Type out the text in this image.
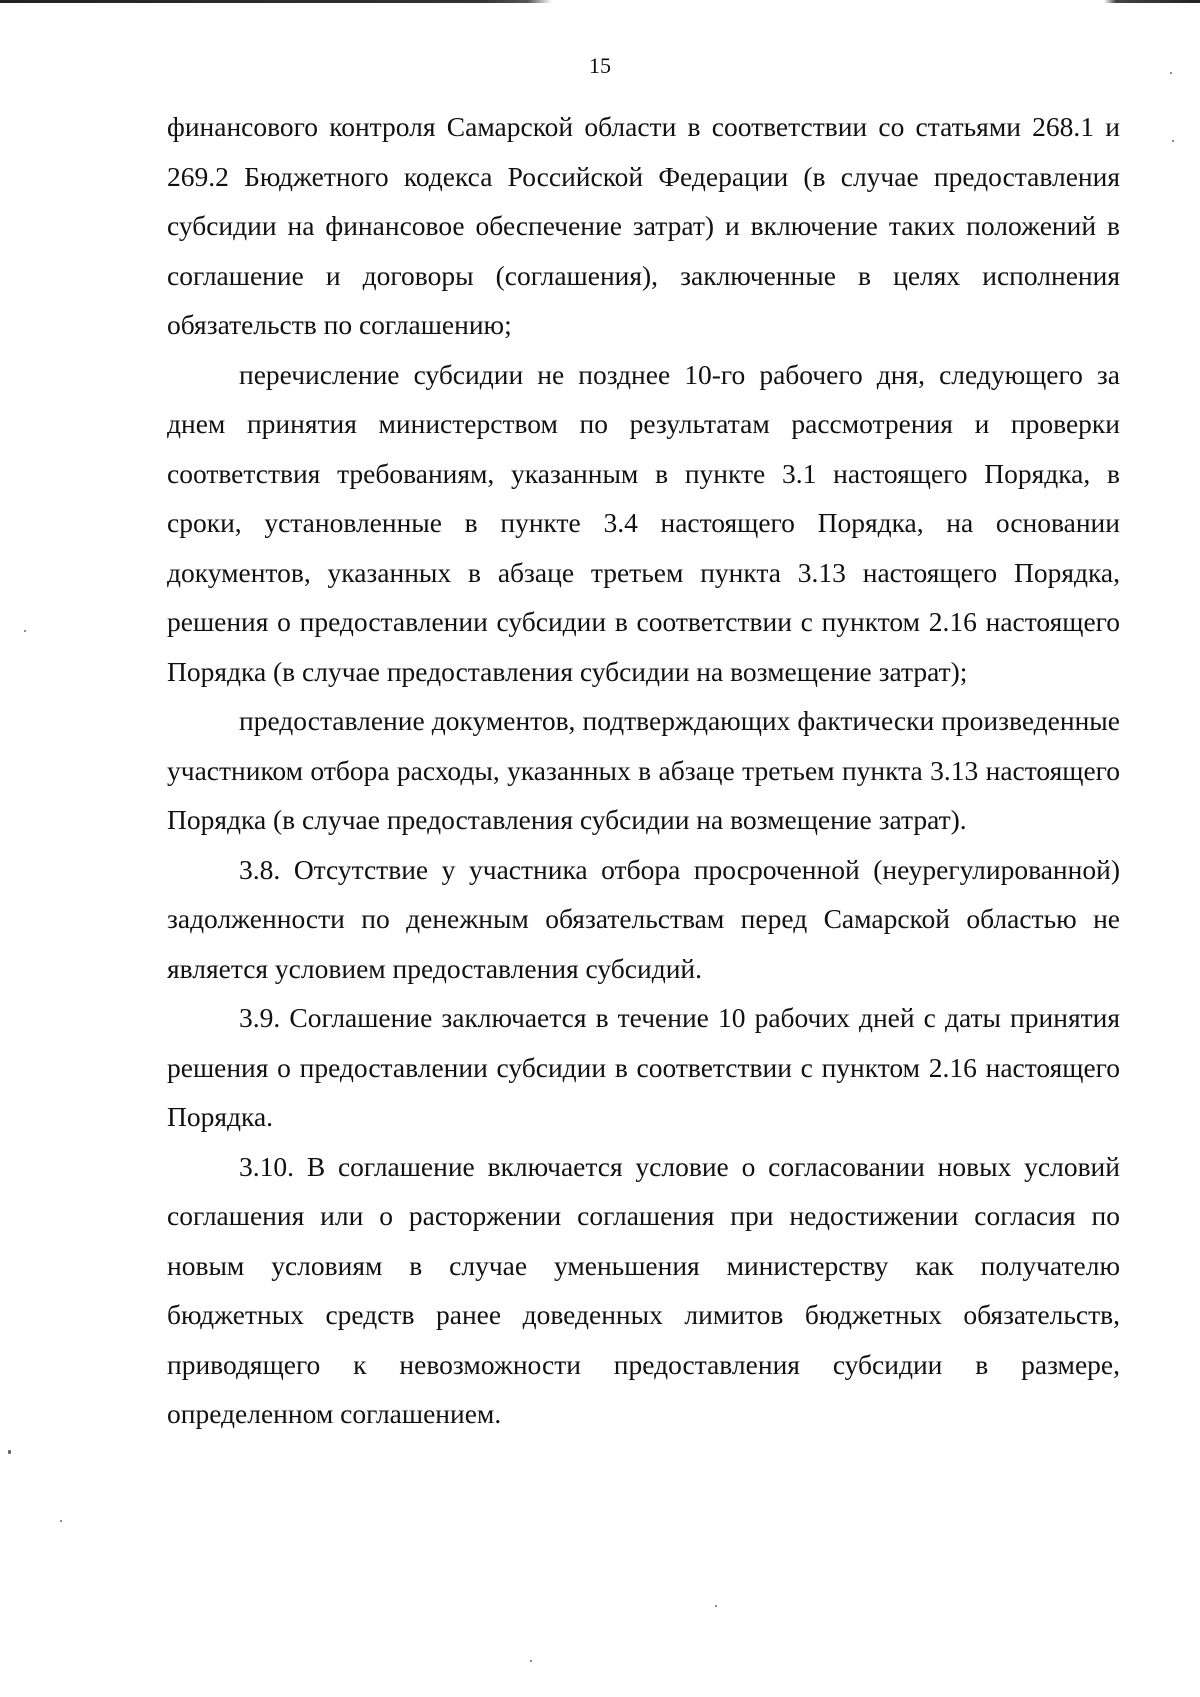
15

финансового контроля Самарской области в соответствии со статьями 268.1 и 269.2 Бюджетного кодекса Российской Федерации (в случае предоставления субсидии на финансовое обеспечение затрат) и включение таких положений в соглашение и договоры (соглашения), заключенные в целях исполнения обязательств по соглашению;

перечисление субсидии не позднее 10-го рабочего дня, следующего за днем принятия министерством по результатам рассмотрения и проверки соответствия требованиям, указанным в пункте 3.1 настоящего Порядка, в сроки, установленные в пункте 3.4 настоящего Порядка, на основании документов, указанных в абзаце третьем пункта 3.13 настоящего Порядка, решения о предоставлении субсидии в соответствии с пунктом 2.16 настоящего Порядка (в случае предоставления субсидии на возмещение затрат);

предоставление документов, подтверждающих фактически произведенные участником отбора расходы, указанных в абзаце третьем пункта 3.13 настоящего Порядка (в случае предоставления субсидии на возмещение затрат).

3.8. Отсутствие у участника отбора просроченной (неурегулированной) задолженности по денежным обязательствам перед Самарской областью не является условием предоставления субсидий.

3.9. Соглашение заключается в течение 10 рабочих дней с даты принятия решения о предоставлении субсидии в соответствии с пунктом 2.16 настоящего Порядка.

3.10. В соглашение включается условие о согласовании новых условий соглашения или о расторжении соглашения при недостижении согласия по новым условиям в случае уменьшения министерству как получателю бюджетных средств ранее доведенных лимитов бюджетных обязательств, приводящего к невозможности предоставления субсидии в размере, определенном соглашением.
